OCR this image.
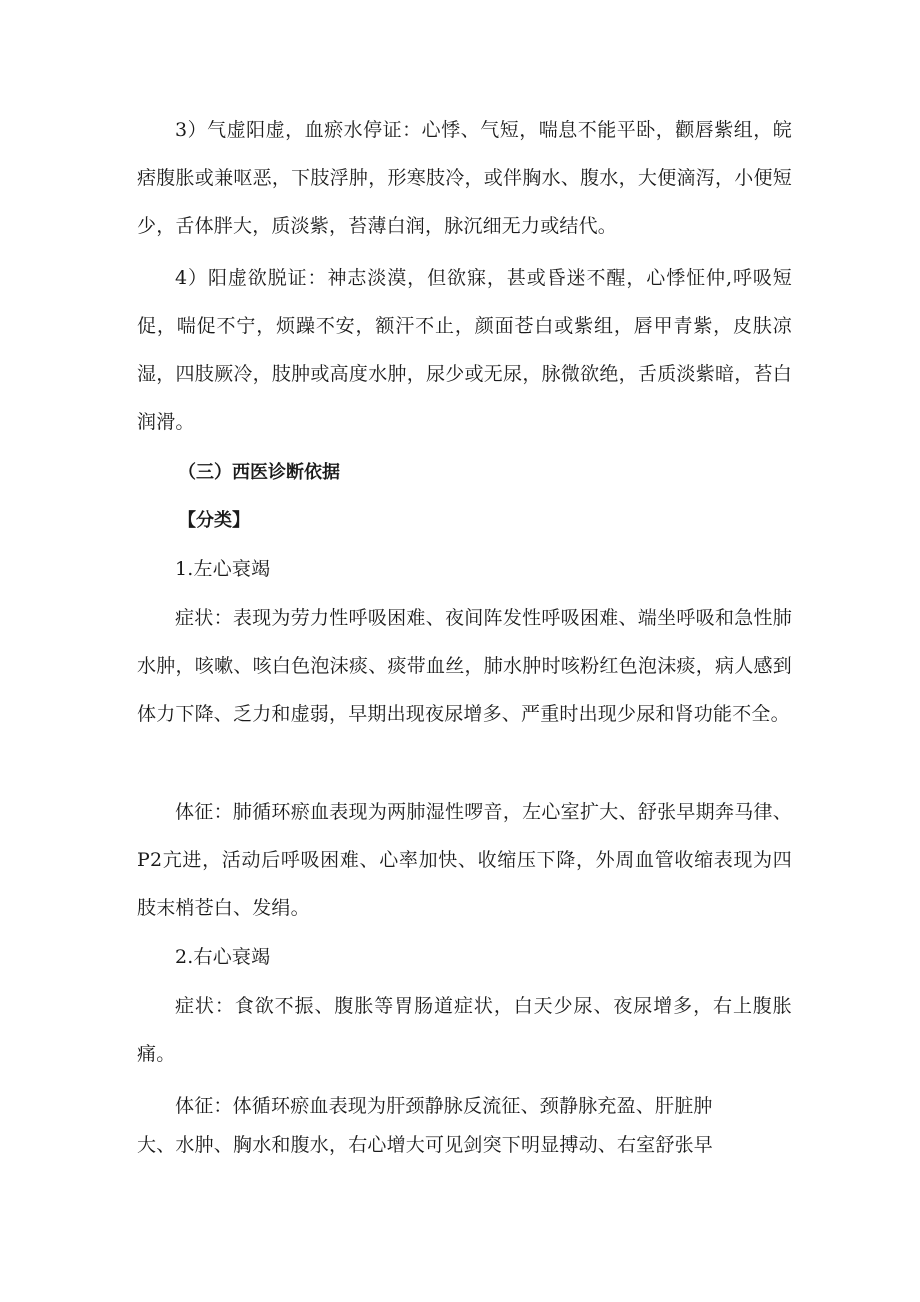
3）气虚阳虚，血瘀水停证：心悸、气短，喘息不能平卧，颧唇紫组，皖痞腹胀或兼呕恶，下肢浮肿，形寒肢冷，或伴胸水、腹水，大便滴泻，小便短少，舌体胖大，质淡紫，苔薄白润，脉沉细无力或结代。

4）阳虚欲脱证：神志淡漠，但欲寐，甚或昏迷不醒，心悸怔仲,呼吸短促，喘促不宁，烦躁不安，额汗不止，颜面苍白或紫组，唇甲青紫，皮肤凉湿，四肢厥冷，肢肿或高度水肿，尿少或无尿，脉微欲绝，舌质淡紫暗，苔白润滑。

（三）西医诊断依据
【分类】

1.左心衰竭

症状：表现为劳力性呼吸困难、夜间阵发性呼吸困难、端坐呼吸和急性肺水肿，咳嗽、咳白色泡沫痰、痰带血丝，肺水肿时咳粉红色泡沫痰，病人感到体力下降、乏力和虚弱，早期出现夜尿增多、严重时出现少尿和肾功能不全。

体征：肺循环瘀血表现为两肺湿性啰音，左心室扩大、舒张早期奔马律、P2亢进，活动后呼吸困难、心率加快、收缩压下降，外周血管收缩表现为四肢末梢苍白、发绢。

2.右心衰竭

症状：食欲不振、腹胀等胃肠道症状，白天少尿、夜尿增多，右上腹胀痛。

体征：体循环瘀血表现为肝颈静脉反流征、颈静脉充盈、肝脏肿

大、水肿、胸水和腹水，右心增大可见剑突下明显搏动、右室舒张早
